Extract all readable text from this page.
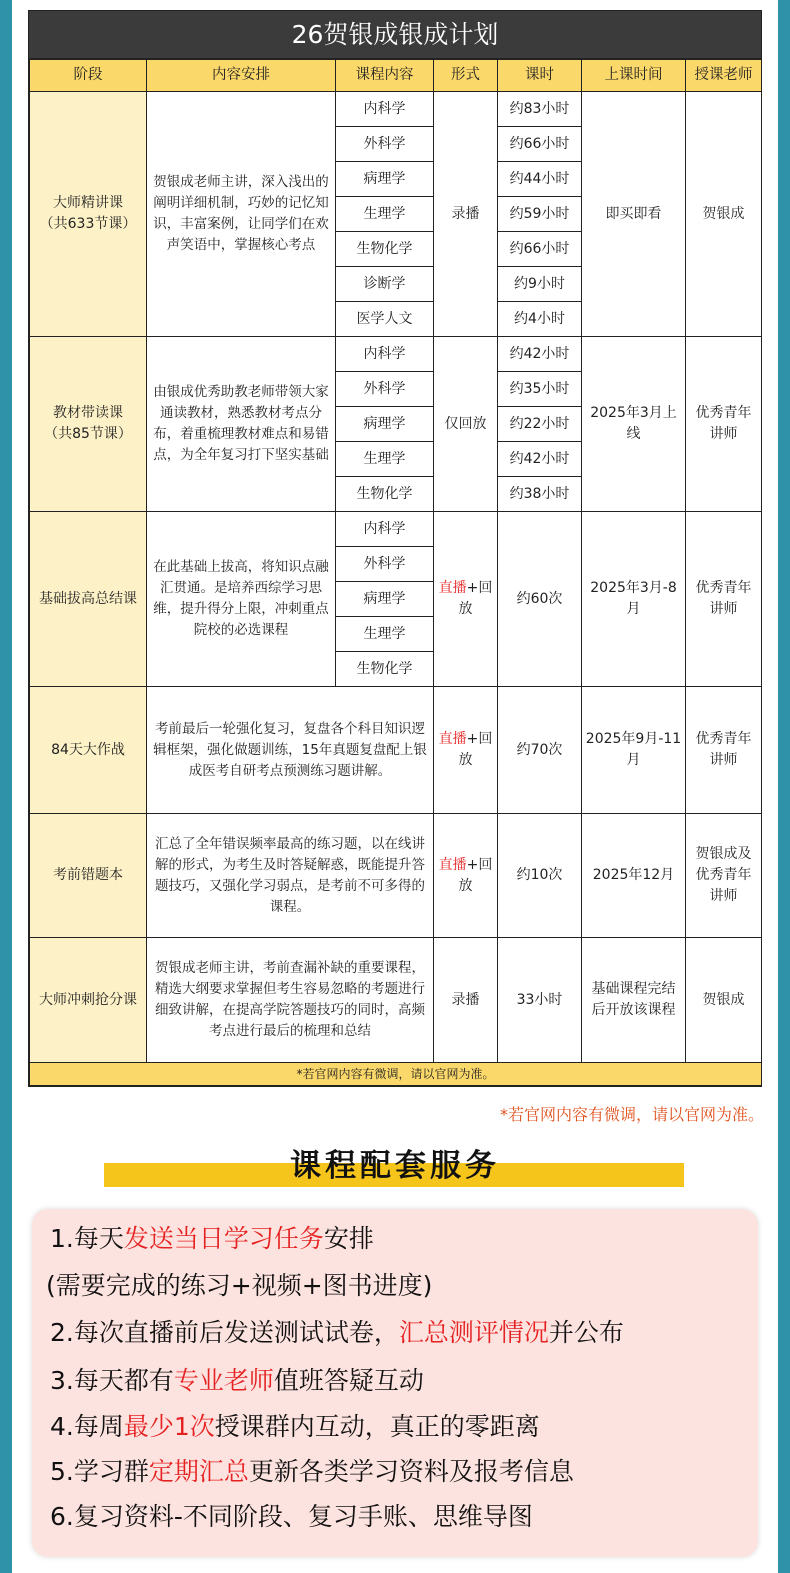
26贺银成银成计划
阶段	内容安排	课程内容	形式	课时	上课时间	授课老师
大师精讲课
（共633节课）	贺银成老师主讲，深入浅出的阐明详细机制，巧妙的记忆知识，丰富案例，让同学们在欢声笑语中，掌握核心考点	内科学	录播	约83小时	即买即看	贺银成
		外科学		约66小时		
		病理学		约44小时		
		生理学		约59小时		
		生物化学		约66小时		
		诊断学		约9小时		
		医学人文		约4小时		
教材带读课
（共85节课）	由银成优秀助教老师带领大家通读教材，熟悉教材考点分布，着重梳理教材难点和易错点，为全年复习打下坚实基础	内科学	仅回放	约42小时	2025年3月上线	优秀青年讲师
		外科学		约35小时		
		病理学		约22小时		
		生理学		约42小时		
		生物化学		约38小时		
基础拔高总结课	在此基础上拔高，将知识点融汇贯通。是培养西综学习思维，提升得分上限，冲刺重点院校的必选课程	内科学	直播+回放	约60次	2025年3月-8月	优秀青年讲师
		外科学				
		病理学				
		生理学				
		生物化学				
84天大作战	考前最后一轮强化复习，复盘各个科目知识逻辑框架，强化做题训练，15年真题复盘配上银成医考自研考点预测练习题讲解。		直播+回放	约70次	2025年9月-11月	优秀青年讲师
考前错题本	汇总了全年错误频率最高的练习题，以在线讲解的形式，为考生及时答疑解惑，既能提升答题技巧，又强化学习弱点，是考前不可多得的课程。		直播+回放	约10次	2025年12月	贺银成及优秀青年讲师
大师冲刺抢分课	贺银成老师主讲，考前查漏补缺的重要课程，精选大纲要求掌握但考生容易忽略的考题进行细致讲解，在提高学院答题技巧的同时，高频考点进行最后的梳理和总结		录播	33小时	基础课程完结后开放该课程	贺银成
*若官网内容有微调，请以官网为准。						
*若官网内容有微调，请以官网为准。
课程配套服务
1.每天发送当日学习任务安排
(需要完成的练习+视频+图书进度)
2.每次直播前后发送测试试卷，汇总测评情况并公布
3.每天都有专业老师值班答疑互动
4.每周最少1次授课群内互动，真正的零距离
5.学习群定期汇总更新各类学习资料及报考信息
6.复习资料-不同阶段、复习手账、思维导图
